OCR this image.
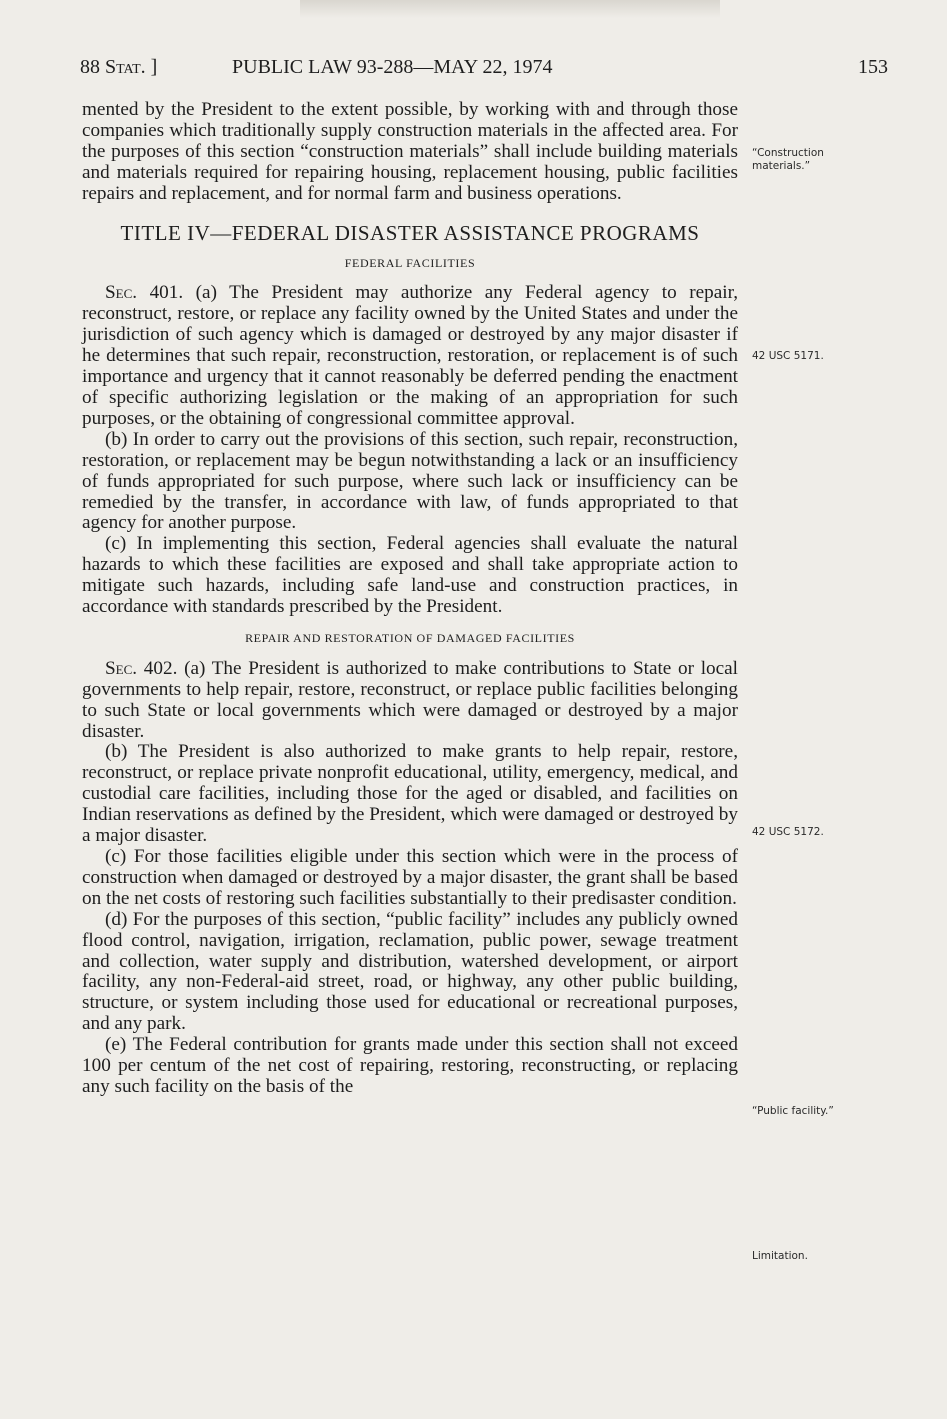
88 Stat. ]	PUBLIC LAW 93-288—MAY 22, 1974	153

mented by the President to the extent possible, by working with and through those companies which traditionally supply construction materials in the affected area. For the purposes of this section “construction materials” shall include building materials and materials required for repairing housing, replacement housing, public facilities repairs and replacement, and for normal farm and business operations.

TITLE IV—FEDERAL DISASTER ASSISTANCE PROGRAMS
FEDERAL FACILITIES

Sec. 401. (a) The President may authorize any Federal agency to repair, reconstruct, restore, or replace any facility owned by the United States and under the jurisdiction of such agency which is damaged or destroyed by any major disaster if he determines that such repair, reconstruction, restoration, or replacement is of such importance and urgency that it cannot reasonably be deferred pending the enactment of specific authorizing legislation or the making of an appropriation for such purposes, or the obtaining of congressional committee approval.

(b) In order to carry out the provisions of this section, such repair, reconstruction, restoration, or replacement may be begun notwithstanding a lack or an insufficiency of funds appropriated for such purpose, where such lack or insufficiency can be remedied by the transfer, in accordance with law, of funds appropriated to that agency for another purpose.

(c) In implementing this section, Federal agencies shall evaluate the natural hazards to which these facilities are exposed and shall take appropriate action to mitigate such hazards, including safe land-use and construction practices, in accordance with standards prescribed by the President.

REPAIR AND RESTORATION OF DAMAGED FACILITIES

Sec. 402. (a) The President is authorized to make contributions to State or local governments to help repair, restore, reconstruct, or replace public facilities belonging to such State or local governments which were damaged or destroyed by a major disaster.

(b) The President is also authorized to make grants to help repair, restore, reconstruct, or replace private nonprofit educational, utility, emergency, medical, and custodial care facilities, including those for the aged or disabled, and facilities on Indian reservations as defined by the President, which were damaged or destroyed by a major disaster.

(c) For those facilities eligible under this section which were in the process of construction when damaged or destroyed by a major disaster, the grant shall be based on the net costs of restoring such facilities substantially to their predisaster condition.

(d) For the purposes of this section, “public facility” includes any publicly owned flood control, navigation, irrigation, reclamation, public power, sewage treatment and collection, water supply and distribution, watershed development, or airport facility, any non-Federal-aid street, road, or highway, any other public building, structure, or system including those used for educational or recreational purposes, and any park.

(e) The Federal contribution for grants made under this section shall not exceed 100 per centum of the net cost of repairing, restoring, reconstructing, or replacing any such facility on the basis of the

“Construction materials.”
42 USC 5171.
42 USC 5172.
“Public facility.”
Limitation.
